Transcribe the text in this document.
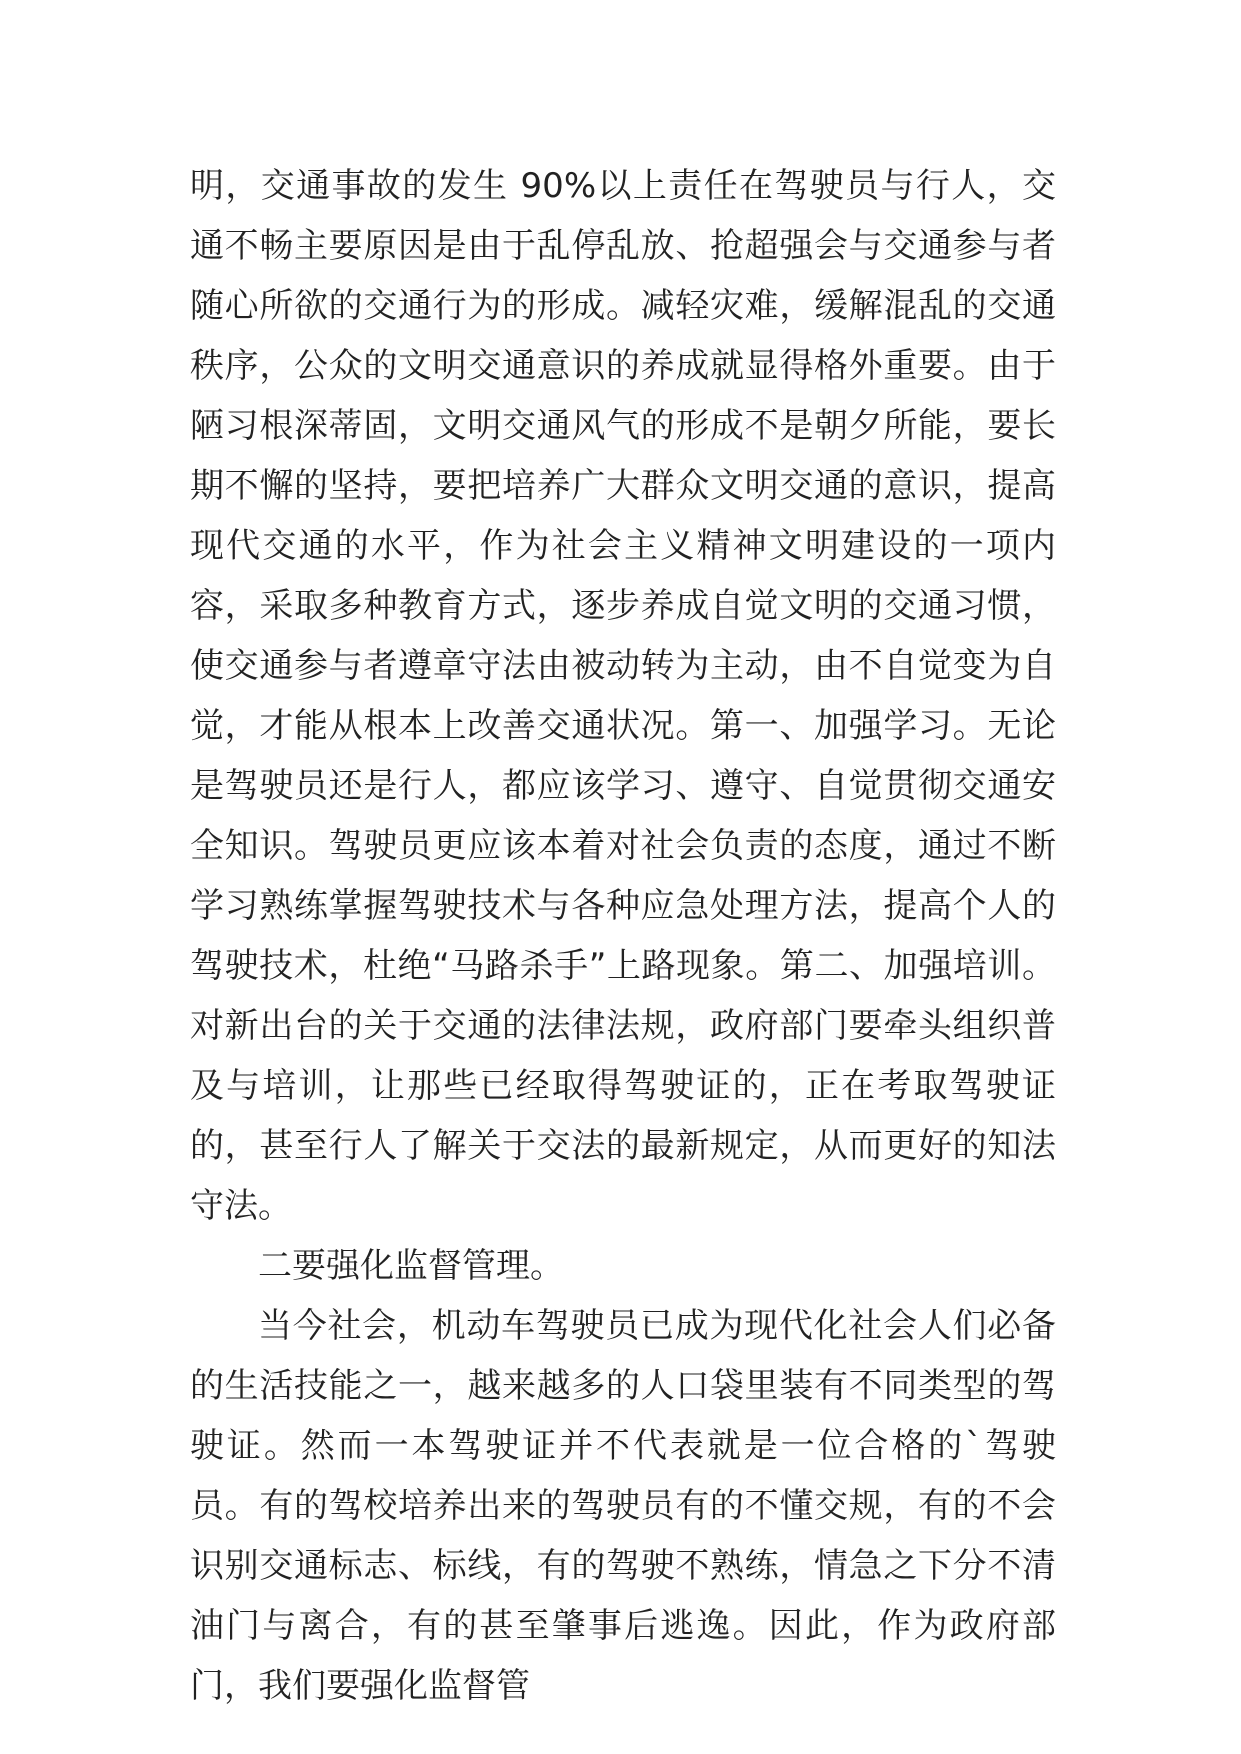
明，交通事故的发生 90%以上责任在驾驶员与行人，交通不畅主要原因是由于乱停乱放、抢超强会与交通参与者随心所欲的交通行为的形成。减轻灾难，缓解混乱的交通秩序，公众的文明交通意识的养成就显得格外重要。由于陋习根深蒂固，文明交通风气的形成不是朝夕所能，要长期不懈的坚持，要把培养广大群众文明交通的意识，提高现代交通的水平，作为社会主义精神文明建设的一项内容，采取多种教育方式，逐步养成自觉文明的交通习惯，使交通参与者遵章守法由被动转为主动，由不自觉变为自觉，才能从根本上改善交通状况。第一、加强学习。无论是驾驶员还是行人，都应该学习、遵守、自觉贯彻交通安全知识。驾驶员更应该本着对社会负责的态度，通过不断学习熟练掌握驾驶技术与各种应急处理方法，提高个人的驾驶技术，杜绝“马路杀手”上路现象。第二、加强培训。对新出台的关于交通的法律法规，政府部门要牵头组织普及与培训，让那些已经取得驾驶证的，正在考取驾驶证的，甚至行人了解关于交法的最新规定，从而更好的知法守法。

二要强化监督管理。

当今社会，机动车驾驶员已成为现代化社会人们必备的生活技能之一，越来越多的人口袋里装有不同类型的驾驶证。然而一本驾驶证并不代表就是一位合格的`驾驶员。有的驾校培养出来的驾驶员有的不懂交规，有的不会识别交通标志、标线，有的驾驶不熟练，情急之下分不清油门与离合，有的甚至肇事后逃逸。因此，作为政府部门，我们要强化监督管
